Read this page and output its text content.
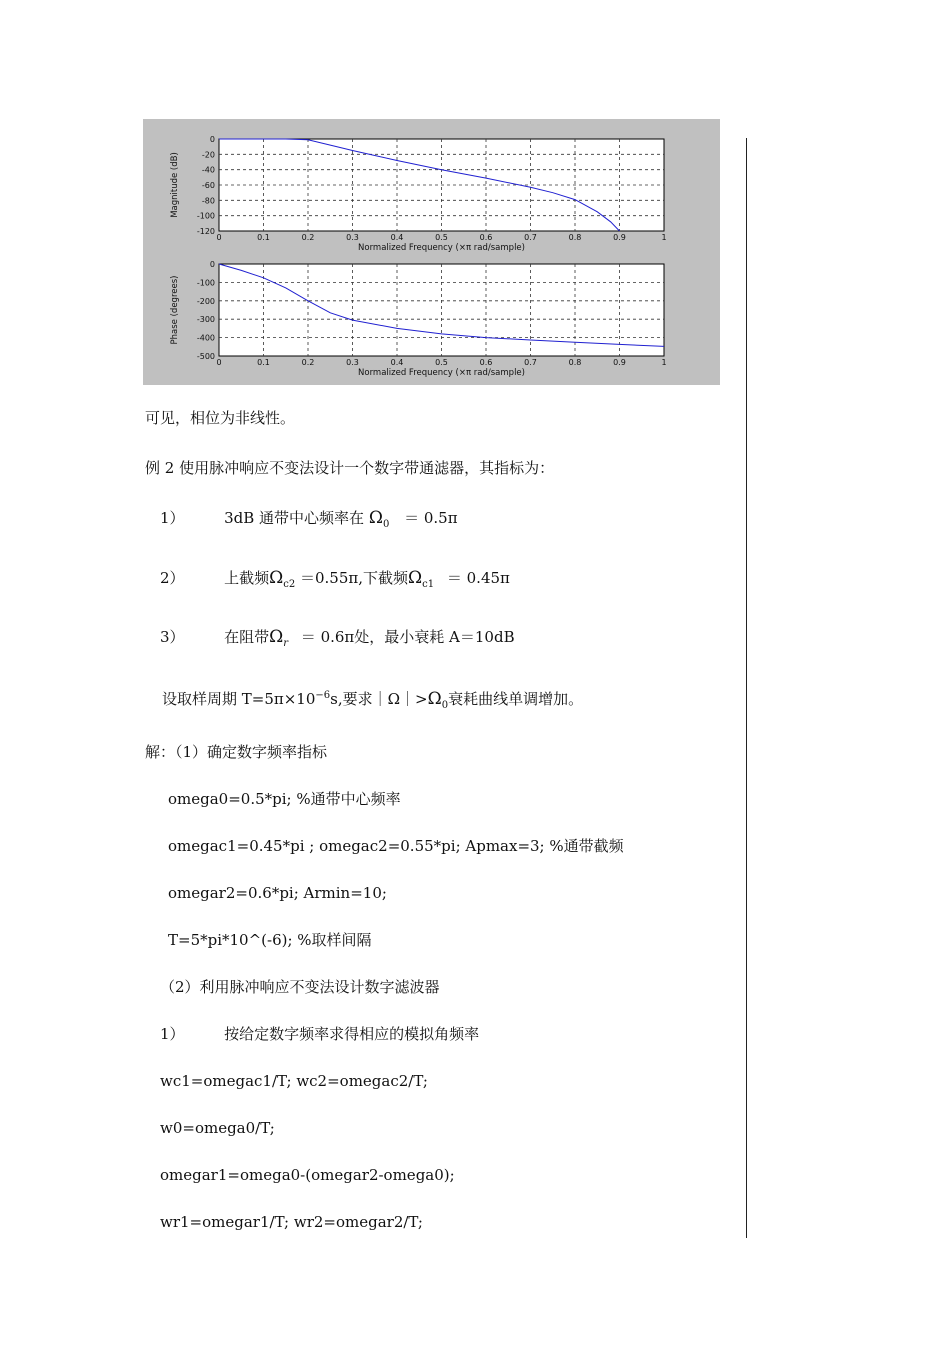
0	0.1	0.2	0.3	0.4	0.5	0.6	0.7	0.8	0.9	1
0
-20
-40
-60
-80
-100
-120
Normalized Frequency (×π rad/sample)
Magnitude (dB)
0	0.1	0.2	0.3	0.4	0.5	0.6	0.7	0.8	0.9	1
0
-100
-200
-300
-400
-500
Normalized Frequency (×π rad/sample)
Phase (degrees)
可见，相位为非线性。
例 2 使用脉冲响应不变法设计一个数字带通滤器，其指标为：
1）	3dB 通带中心频率在 $\Omega_0 = 0.5\pi$
2）	上截频$\Omega_{c2} =0.55\pi$,下截频$\Omega_{c1} = 0.45\pi$
3）	在阻带$\Omega_r = 0.6\pi$处，最小衰耗 A＝10dB
设取样周期 $T=5\pi\times 10^{-6}s$,要求$|\Omega|>\Omega_0$衰耗曲线单调增加。
解：（1）确定数字频率指标
omega0=0.5*pi; %通带中心频率
omegac1=0.45*pi ; omegac2=0.55*pi; Apmax=3; %通带截频
omegar2=0.6*pi; Armin=10;
T=5*pi*10^(-6); %取样间隔
（2）利用脉冲响应不变法设计数字滤波器
1）	按给定数字频率求得相应的模拟角频率
wc1=omegac1/T; wc2=omegac2/T;
w0=omega0/T;
omegar1=omega0-(omegar2-omega0);
wr1=omegar1/T; wr2=omegar2/T;
